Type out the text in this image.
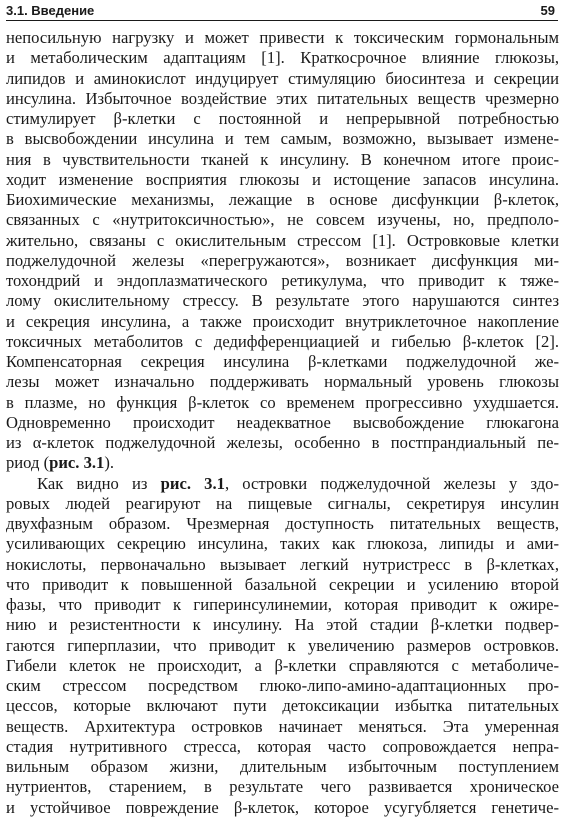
3.1. Введение	59
непосильную нагрузку и может привести к токсическим гормональным
и метаболическим адаптациям [1]. Краткосрочное влияние глюкозы,
липидов и аминокислот индуцирует стимуляцию биосинтеза и секреции
инсулина. Избыточное воздействие этих питательных веществ чрезмерно
стимулирует β-клетки с постоянной и непрерывной потребностью
в высвобождении инсулина и тем самым, возможно, вызывает измене-
ния в чувствительности тканей к инсулину. В конечном итоге проис-
ходит изменение восприятия глюкозы и истощение запасов инсулина.
Биохимические механизмы, лежащие в основе дисфункции β-клеток,
связанных с «нутритоксичностью», не совсем изучены, но, предполо-
жительно, связаны с окислительным стрессом [1]. Островковые клетки
поджелудочной железы «перегружаются», возникает дисфункция ми-
тохондрий и эндоплазматического ретикулума, что приводит к тяже-
лому окислительному стрессу. В результате этого нарушаются синтез
и секреция инсулина, а также происходит внутриклеточное накопление
токсичных метаболитов с дедифференциацией и гибелью β-клеток [2].
Компенсаторная секреция инсулина β-клетками поджелудочной же-
лезы может изначально поддерживать нормальный уровень глюкозы
в плазме, но функция β-клеток со временем прогрессивно ухудшается.
Одновременно происходит неадекватное высвобождение глюкагона
из α-клеток поджелудочной железы, особенно в постпрандиальный пе-
риод (рис. 3.1).
Как видно из рис. 3.1, островки поджелудочной железы у здо-
ровых людей реагируют на пищевые сигналы, секретируя инсулин
двухфазным образом. Чрезмерная доступность питательных веществ,
усиливающих секрецию инсулина, таких как глюкоза, липиды и ами-
нокислоты, первоначально вызывает легкий нутристресс в β-клетках,
что приводит к повышенной базальной секреции и усилению второй
фазы, что приводит к гиперинсулинемии, которая приводит к ожире-
нию и резистентности к инсулину. На этой стадии β-клетки подвер-
гаются гиперплазии, что приводит к увеличению размеров островков.
Гибели клеток не происходит, а β-клетки справляются с метаболиче-
ским стрессом посредством глюко-липо-амино-адаптационных про-
цессов, которые включают пути детоксикации избытка питательных
веществ. Архитектура островков начинает меняться. Эта умеренная
стадия нутритивного стресса, которая часто сопровождается непра-
вильным образом жизни, длительным избыточным поступлением
нутриентов, старением, в результате чего развивается хроническое
и устойчивое повреждение β-клеток, которое усугубляется генетиче-
